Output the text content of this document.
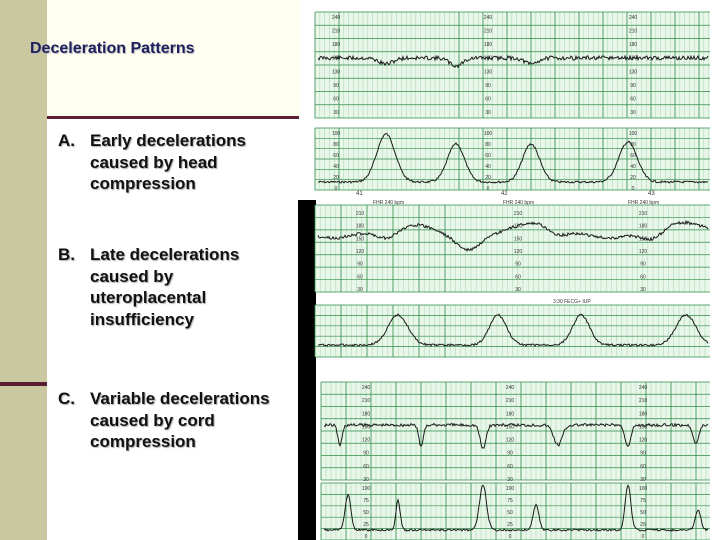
Deceleration Patterns
A. Early decelerations
caused by head
compression
B. Late decelerations
caused by
uteroplacental
insufficiency
C. Variable decelerations
caused by cord
compression
240
210
180
160
130
90
60
30
240
210
180
160
130
90
60
30
240
210
180
160
130
90
60
30
100
80
60
40
20
0
100
80
60
40
20
0
100
80
60
40
20
0
41	42	43
210
180
150
120
90
60
30
210
180
150
120
90
60
30
210
180
150
120
90
60
30
FHR 240 bpm	FHR 240 bpm	FHR 240 bpm
3:30 FECG+ IUP
240
210
180
150
120
90
60
30
240
210
180
150
120
90
60
30
240
210
180
150
120
90
60
30
100
75
50
25
0
100
75
50
25
0
100
75
50
25
0
